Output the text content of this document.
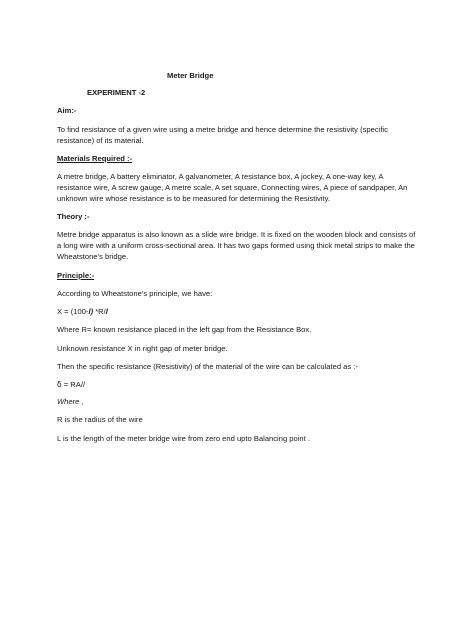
Meter Bridge
EXPERIMENT -2
Aim:-
To find resistance of a given wire using a metre bridge and hence determine the resistivity (specific resistance) of its material.
Materials Required :-
A metre bridge, A battery eliminator, A galvanometer, A resistance box, A jockey, A one-way key, A resistance wire, A screw gauge, A metre scale, A set square, Connecting wires, A piece of sandpaper, An unknown wire whose resistance is to be measured for determining the Resistivity.
Theory :-
Metre bridge apparatus is also known as a slide wire bridge. It is fixed on the wooden block and consists of a long wire with a uniform cross-sectional area. It has two gaps formed using thick metal strips to make the Wheatstone’s bridge.
Principle:-
According to Wheatstone’s principle, we have:
X = (100-l) *R/l
Where R= known resistance placed in the left gap from the Resistance Box.
Unknown resistance X in right gap of meter bridge.
Then the specific resistance (Resistivity) of the material of the wire can be calculated as :-
ẟ = RA/l
Where ,
R is the radius of the wire
L is the length of the meter bridge wire from zero end upto Balancing point .
